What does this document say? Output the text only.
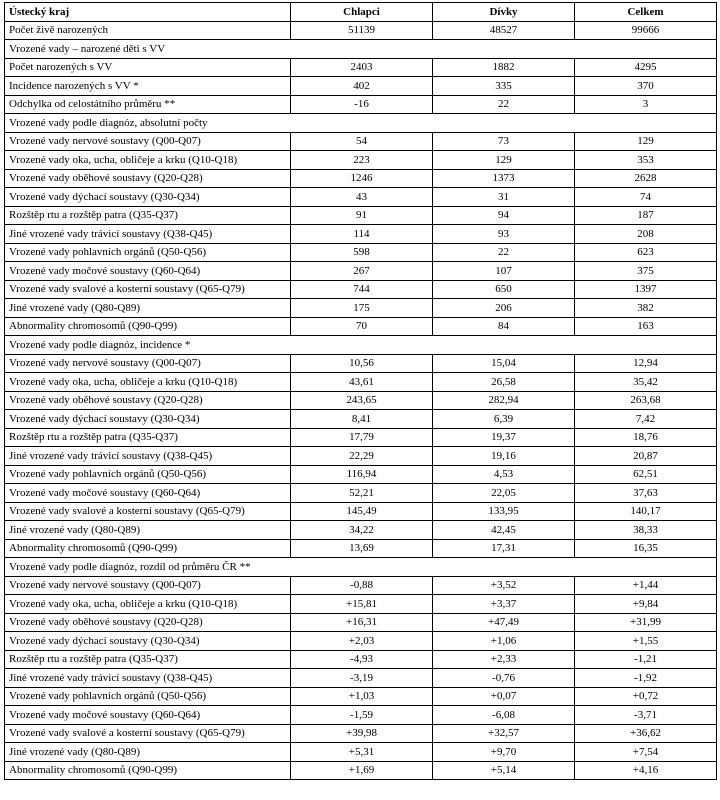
Ústecký kraj	Chlapci	Dívky	Celkem
Počet živě narozených	51139	48527	99666
Vrozené vady – narozené děti s VV			
Počet narozených s VV	2403	1882	4295
Incidence narozených s VV *	402	335	370
Odchylka od celostátního průměru **	-16	22	3
Vrozené vady podle diagnóz, absolutní počty			
Vrozené vady nervové soustavy (Q00-Q07)	54	73	129
Vrozené vady oka, ucha, obličeje a krku (Q10-Q18)	223	129	353
Vrozené vady oběhové soustavy (Q20-Q28)	1246	1373	2628
Vrozené vady dýchací soustavy (Q30-Q34)	43	31	74
Rozštěp rtu a rozštěp patra (Q35-Q37)	91	94	187
Jiné vrozené vady trávicí soustavy (Q38-Q45)	114	93	208
Vrozené vady pohlavních orgánů (Q50-Q56)	598	22	623
Vrozené vady močové soustavy (Q60-Q64)	267	107	375
Vrozené vady svalové a kosterní soustavy (Q65-Q79)	744	650	1397
Jiné vrozené vady (Q80-Q89)	175	206	382
Abnormality chromosomů (Q90-Q99)	70	84	163
Vrozené vady podle diagnóz, incidence *			
Vrozené vady nervové soustavy (Q00-Q07)	10,56	15,04	12,94
Vrozené vady oka, ucha, obličeje a krku (Q10-Q18)	43,61	26,58	35,42
Vrozené vady oběhové soustavy (Q20-Q28)	243,65	282,94	263,68
Vrozené vady dýchací soustavy (Q30-Q34)	8,41	6,39	7,42
Rozštěp rtu a rozštěp patra (Q35-Q37)	17,79	19,37	18,76
Jiné vrozené vady trávicí soustavy (Q38-Q45)	22,29	19,16	20,87
Vrozené vady pohlavních orgánů (Q50-Q56)	116,94	4,53	62,51
Vrozené vady močové soustavy (Q60-Q64)	52,21	22,05	37,63
Vrozené vady svalové a kosterní soustavy (Q65-Q79)	145,49	133,95	140,17
Jiné vrozené vady (Q80-Q89)	34,22	42,45	38,33
Abnormality chromosomů (Q90-Q99)	13,69	17,31	16,35
Vrozené vady podle diagnóz, rozdíl od průměru ČR **			
Vrozené vady nervové soustavy (Q00-Q07)	-0,88	+3,52	+1,44
Vrozené vady oka, ucha, obličeje a krku (Q10-Q18)	+15,81	+3,37	+9,84
Vrozené vady oběhové soustavy (Q20-Q28)	+16,31	+47,49	+31,99
Vrozené vady dýchací soustavy (Q30-Q34)	+2,03	+1,06	+1,55
Rozštěp rtu a rozštěp patra (Q35-Q37)	-4,93	+2,33	-1,21
Jiné vrozené vady trávicí soustavy (Q38-Q45)	-3,19	-0,76	-1,92
Vrozené vady pohlavních orgánů (Q50-Q56)	+1,03	+0,07	+0,72
Vrozené vady močové soustavy (Q60-Q64)	-1,59	-6,08	-3,71
Vrozené vady svalové a kosterní soustavy (Q65-Q79)	+39,98	+32,57	+36,62
Jiné vrozené vady (Q80-Q89)	+5,31	+9,70	+7,54
Abnormality chromosomů (Q90-Q99)	+1,69	+5,14	+4,16
